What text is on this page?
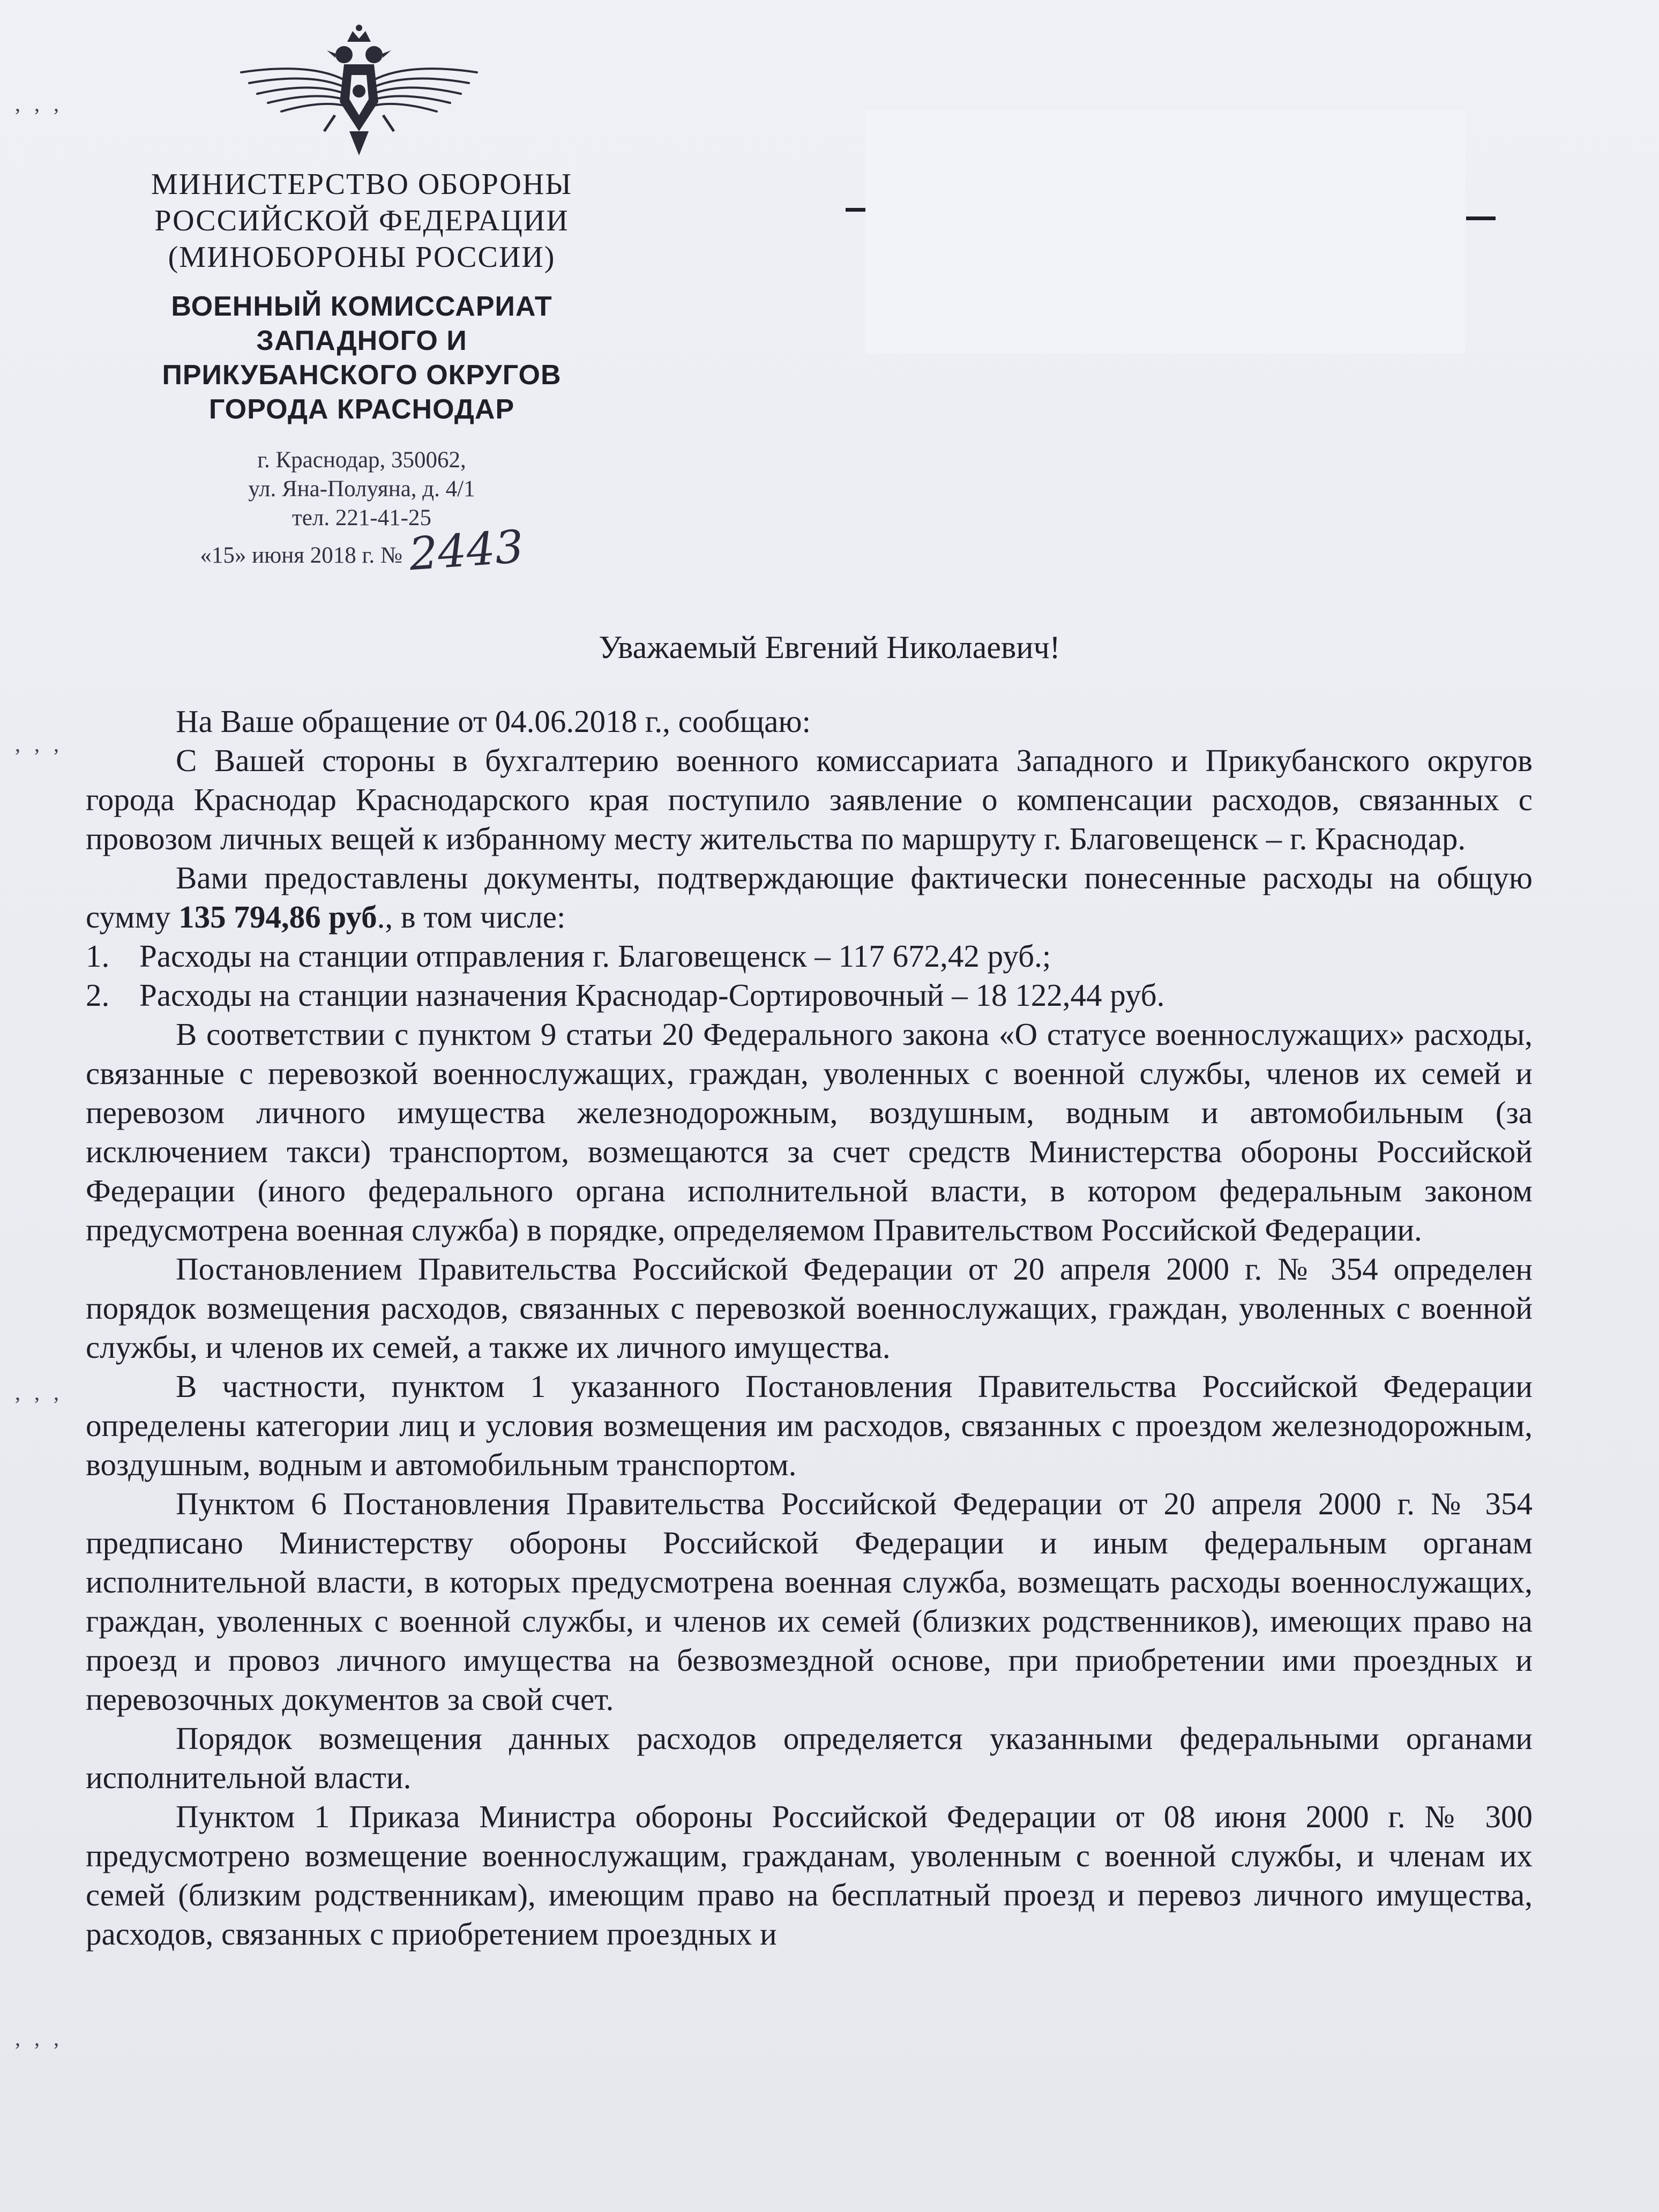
МИНИСТЕРСТВО ОБОРОНЫ
РОССИЙСКОЙ ФЕДЕРАЦИИ
(МИНОБОРОНЫ РОССИИ)
ВОЕННЫЙ КОМИССАРИАТ
ЗАПАДНОГО И
ПРИКУБАНСКОГО ОКРУГОВ
ГОРОДА КРАСНОДАР
г. Краснодар, 350062,
ул. Яна-Полуяна, д. 4/1
тел. 221-41-25
«15» июня 2018 г. № 2443
, , ,
, , ,
, , ,
, , ,
Уважаемый Евгений Николаевич!

На Ваше обращение от 04.06.2018 г., сообщаю:

С Вашей стороны в бухгалтерию военного комиссариата Западного и Прикубанского округов города Краснодар Краснодарского края поступило заявление о компенсации расходов, связанных с провозом личных вещей к избранному месту жительства по маршруту г. Благовещенск – г. Краснодар.

Вами предоставлены документы, подтверждающие фактически понесенные расходы на общую сумму 135 794,86 руб., в том числе:

1. Расходы на станции отправления г. Благовещенск – 117 672,42 руб.;

2. Расходы на станции назначения Краснодар-Сортировочный – 18 122,44 руб.

В соответствии с пунктом 9 статьи 20 Федерального закона «О статусе военнослужащих» расходы, связанные с перевозкой военнослужащих, граждан, уволенных с военной службы, членов их семей и перевозом личного имущества железнодорожным, воздушным, водным и автомобильным (за исключением такси) транспортом, возмещаются за счет средств Министерства обороны Российской Федерации (иного федерального органа исполнительной власти, в котором федеральным законом предусмотрена военная служба) в порядке, определяемом Правительством Российской Федерации.

Постановлением Правительства Российской Федерации от 20 апреля 2000 г. № 354 определен порядок возмещения расходов, связанных с перевозкой военнослужащих, граждан, уволенных с военной службы, и членов их семей, а также их личного имущества.

В частности, пунктом 1 указанного Постановления Правительства Российской Федерации определены категории лиц и условия возмещения им расходов, связанных с проездом железнодорожным, воздушным, водным и автомобильным транспортом.

Пунктом 6 Постановления Правительства Российской Федерации от 20 апреля 2000 г. № 354 предписано Министерству обороны Российской Федерации и иным федеральным органам исполнительной власти, в которых предусмотрена военная служба, возмещать расходы военнослужащих, граждан, уволенных с военной службы, и членов их семей (близких родственников), имеющих право на проезд и провоз личного имущества на безвозмездной основе, при приобретении ими проездных и перевозочных документов за свой счет.

Порядок возмещения данных расходов определяется указанными федеральными органами исполнительной власти.

Пунктом 1 Приказа Министра обороны Российской Федерации от 08 июня 2000 г. № 300 предусмотрено возмещение военнослужащим, гражданам, уволенным с военной службы, и членам их семей (близким родственникам), имеющим право на бесплатный проезд и перевоз личного имущества, расходов, связанных с приобретением проездных и
